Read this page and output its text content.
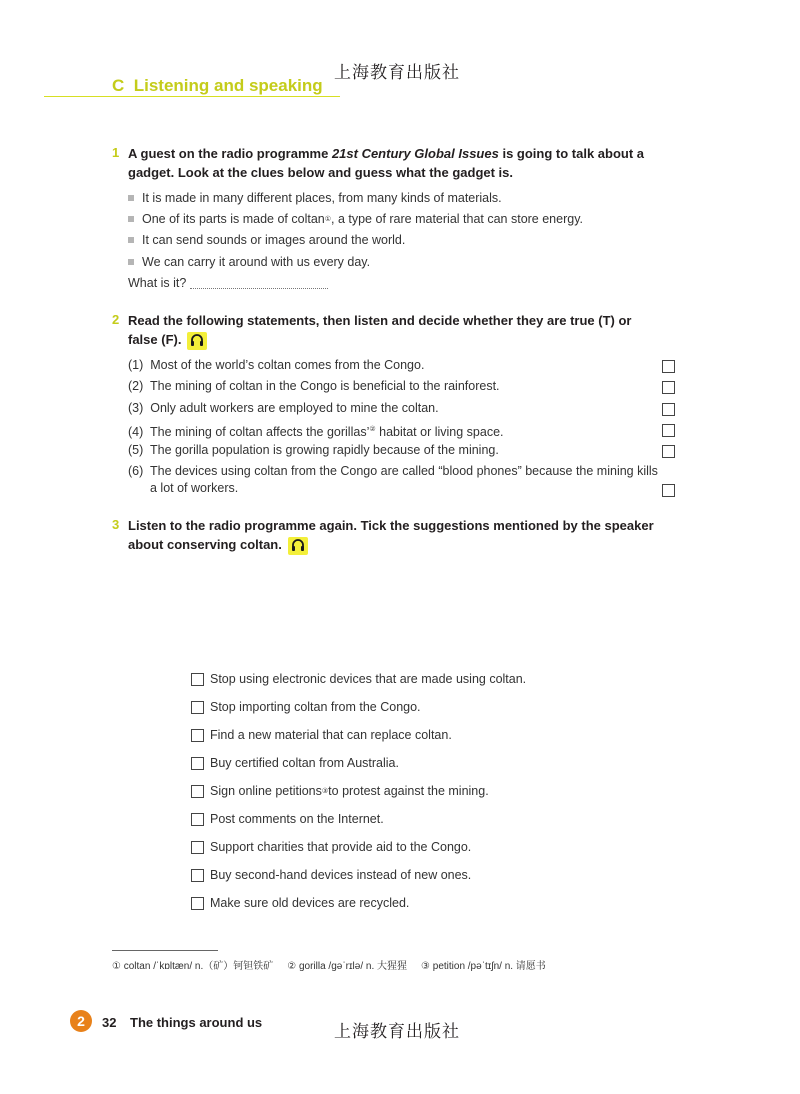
上海教育出版社
C Listening and speaking
1 A guest on the radio programme 21st Century Global Issues is going to talk about a gadget. Look at the clues below and guess what the gadget is.
It is made in many different places, from many kinds of materials.
One of its parts is made of coltan ① , a type of rare material that can store energy.
It can send sounds or images around the world.
We can carry it around with us every day.
What is it?
2 Read the following statements, then listen and decide whether they are true (T) or false (F).
(1) Most of the world’s coltan comes from the Congo.
(2) The mining of coltan in the Congo is beneficial to the rainforest.
(3) Only adult workers are employed to mine the coltan.
(4) The mining of coltan affects the gorillas’② habitat or living space.
(5) The gorilla population is growing rapidly because of the mining.
(6) The devices using coltan from the Congo are called “blood phones” because the mining kills a lot of workers.
3 Listen to the radio programme again. Tick the suggestions mentioned by the speaker about conserving coltan.
Stop using electronic devices that are made using coltan.
Stop importing coltan from the Congo.
Find a new material that can replace coltan.
Buy certified coltan from Australia.
Sign online petitions ③ to protest against the mining.
Post comments on the Internet.
Support charities that provide aid to the Congo.
Buy second-hand devices instead of new ones.
Make sure old devices are recycled.
① coltan /ˈkɒltæn/ n.（矿）钶钽铁矿 ② gorilla /ɡəˈrɪlə/ n. 大猩猩 ③ petition /pəˈtɪʃn/ n. 请愿书
2	32 The things around us	上海教育出版社
